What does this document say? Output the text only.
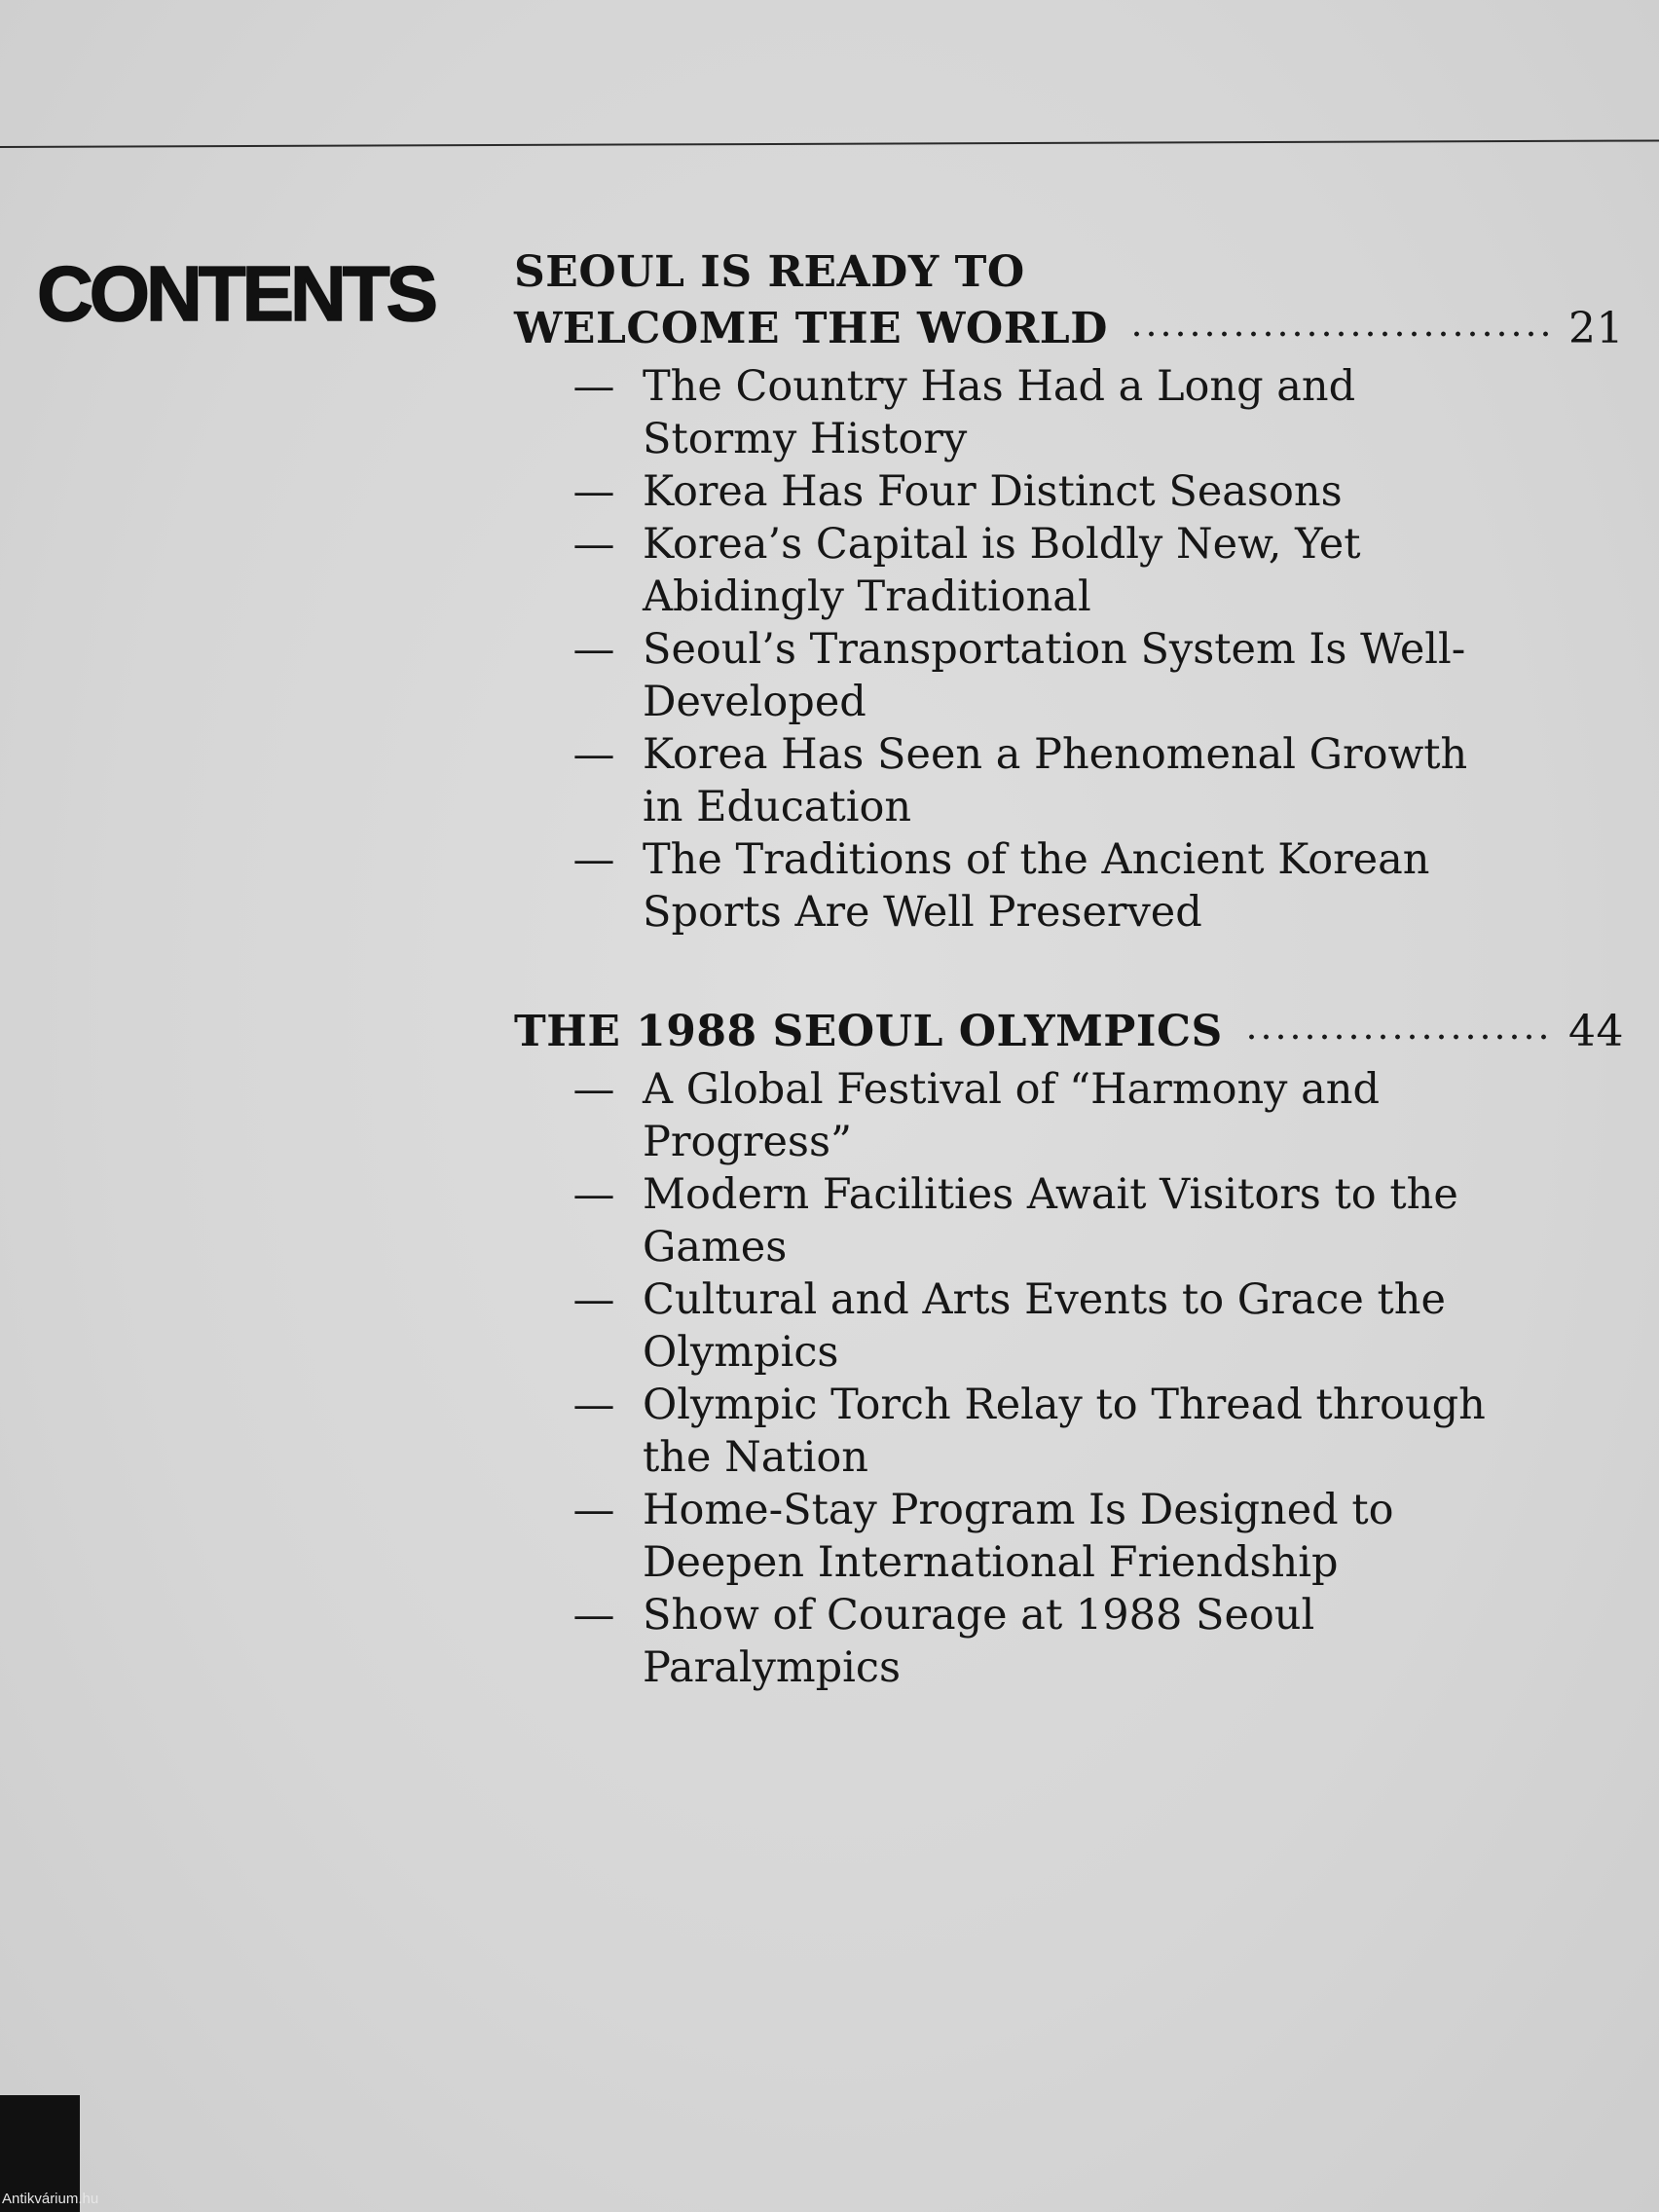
CONTENTS SEOUL IS READY TO
WELCOME THE WORLD	21
— The Country Has Had a Long and Stormy History
— Korea Has Four Distinct Seasons
— Korea’s Capital is Boldly New, Yet Abidingly Traditional
— Seoul’s Transportation System Is Well-Developed
— Korea Has Seen a Phenomenal Growth in Education
— The Traditions of the Ancient Korean Sports Are Well Preserved
THE 1988 SEOUL OLYMPICS	44
— A Global Festival of “Harmony and Progress”
— Modern Facilities Await Visitors to the Games
— Cultural and Arts Events to Grace the Olympics
— Olympic Torch Relay to Thread through the Nation
— Home-Stay Program Is Designed to Deepen International Friendship
— Show of Courage at 1988 Seoul Paralympics
Antikvárium.hu
